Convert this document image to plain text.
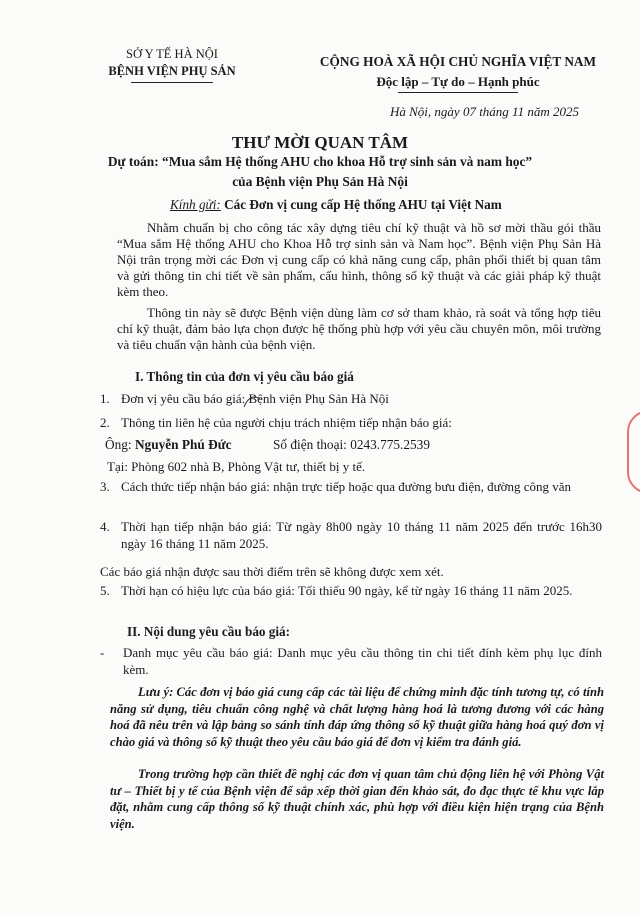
SỞ Y TẾ HÀ NỘI
BỆNH VIỆN PHỤ SẢN
CỘNG HOÀ XÃ HỘI CHỦ NGHĨA VIỆT NAM
Độc lập – Tự do – Hạnh phúc
Hà Nội, ngày 07 tháng 11 năm 2025
THƯ MỜI QUAN TÂM
Dự toán: “Mua sắm Hệ thống AHU cho khoa Hỗ trợ sinh sản và nam học”
của Bệnh viện Phụ Sản Hà Nội
Kính gửi: Các Đơn vị cung cấp Hệ thống AHU tại Việt Nam
Nhằm chuẩn bị cho công tác xây dựng tiêu chí kỹ thuật và hồ sơ mời thầu gói thầu “Mua sắm Hệ thống AHU cho Khoa Hỗ trợ sinh sản và Nam học”. Bệnh viện Phụ Sản Hà Nội trân trọng mời các Đơn vị cung cấp có khả năng cung cấp, phân phối thiết bị quan tâm và gửi thông tin chi tiết về sản phẩm, cấu hình, thông số kỹ thuật và các giải pháp kỹ thuật kèm theo.
Thông tin này sẽ được Bệnh viện dùng làm cơ sở tham khảo, rà soát và tổng hợp tiêu chí kỹ thuật, đảm bảo lựa chọn được hệ thống phù hợp với yêu cầu chuyên môn, môi trường và tiêu chuẩn vận hành của bệnh viện.
I. Thông tin của đơn vị yêu cầu báo giá
1. Đơn vị yêu cầu báo giá: Bệnh viện Phụ Sản Hà Nội
2. Thông tin liên hệ của người chịu trách nhiệm tiếp nhận báo giá:
Ông: Nguyễn Phú Đức	Số điện thoại: 0243.775.2539
Tại: Phòng 602 nhà B, Phòng Vật tư, thiết bị y tế.
3. Cách thức tiếp nhận báo giá: nhận trực tiếp hoặc qua đường bưu điện, đường công văn
4. Thời hạn tiếp nhận báo giá: Từ ngày 8h00 ngày 10 tháng 11 năm 2025 đến trước 16h30 ngày 16 tháng 11 năm 2025.
Các báo giá nhận được sau thời điểm trên sẽ không được xem xét.
5. Thời hạn có hiệu lực của báo giá: Tối thiểu 90 ngày, kể từ ngày 16 tháng 11 năm 2025.
II. Nội dung yêu cầu báo giá:
- Danh mục yêu cầu báo giá: Danh mục yêu cầu thông tin chi tiết đính kèm phụ lục đính kèm.
Lưu ý: Các đơn vị báo giá cung cấp các tài liệu để chứng minh đặc tính tương tự, có tính năng sử dụng, tiêu chuẩn công nghệ và chất lượng hàng hoá là tương đương với các hàng hoá đã nêu trên và lập bảng so sánh tính đáp ứng thông số kỹ thuật giữa hàng hoá quý đơn vị chào giá và thông số kỹ thuật theo yêu cầu báo giá để đơn vị kiểm tra đánh giá.
Trong trường hợp cần thiết đề nghị các đơn vị quan tâm chủ động liên hệ với Phòng Vật tư – Thiết bị y tế của Bệnh viện để sắp xếp thời gian đến khảo sát, đo đạc thực tế khu vực lắp đặt, nhằm cung cấp thông số kỹ thuật chính xác, phù hợp với điều kiện hiện trạng của Bệnh viện.
